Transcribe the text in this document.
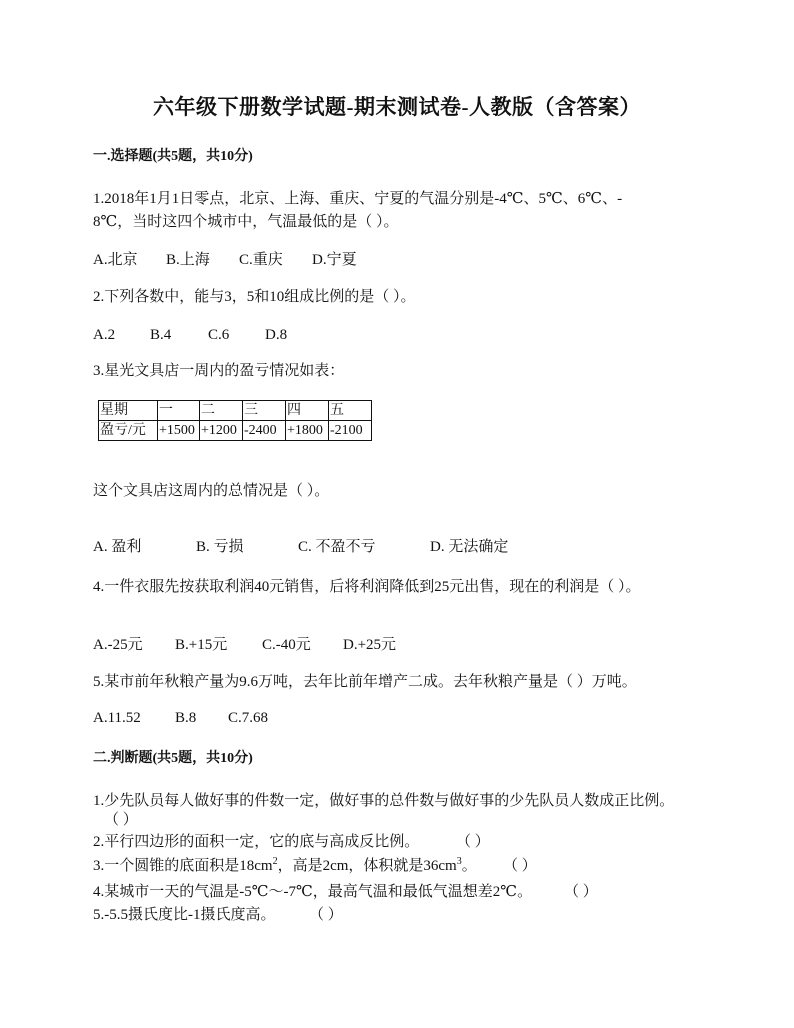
六年级下册数学试题-期末测试卷-人教版（含答案）
一.选择题(共5题，共10分)
1.2018年1月1日零点，北京、上海、重庆、宁夏的气温分别是-4℃、5℃、6℃、-
8℃，当时这四个城市中，气温最低的是（ ）。
A.北京 B.上海 C.重庆 D.宁夏
2.下列各数中，能与3，5和10组成比例的是（ ）。
A.2 B.4 C.6 D.8
3.星光文具店一周内的盈亏情况如表：
星期	一	二	三	四	五
盈亏/元	+1500	+1200	-2400	+1800	-2100
这个文具店这周内的总情况是（ ）。
A. 盈利	B. 亏损	C. 不盈不亏	D. 无法确定
4.一件衣服先按获取利润40元销售，后将利润降低到25元出售，现在的利润是（ ）。
A.-25元 B.+15元 C.-40元 D.+25元
5.某市前年秋粮产量为9.6万吨，去年比前年增产二成。去年秋粮产量是（ ）万吨。
A.11.52 B.8 C.7.68
二.判断题(共5题，共10分)
1.少先队员每人做好事的件数一定，做好事的总件数与做好事的少先队员人数成正比例。
（ ）
2.平行四边形的面积一定，它的底与高成反比例。 （ ）
3.一个圆锥的底面积是$18cm^2$，高是2cm，体积就是$36cm^3$。 （ ）
4.某城市一天的气温是-5℃～-7℃，最高气温和最低气温想差2℃。 （ ）
5.-5.5摄氏度比-1摄氏度高。 （ ）
